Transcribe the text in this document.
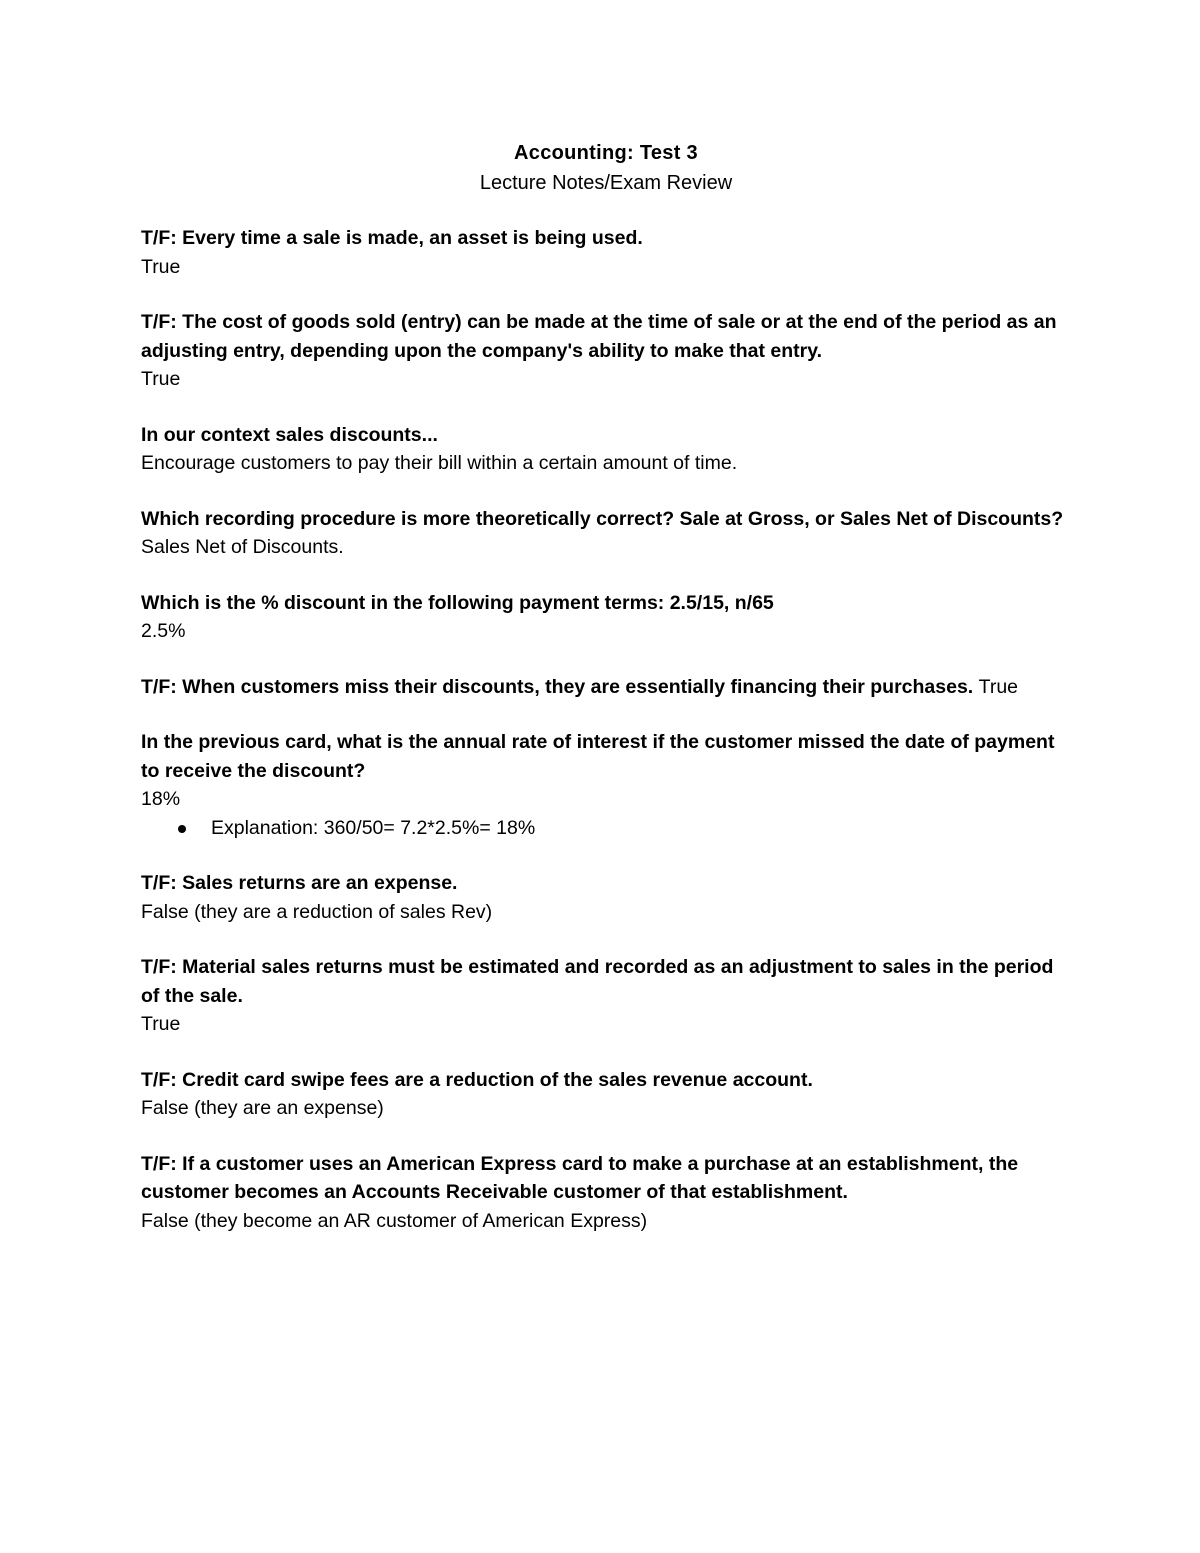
Accounting: Test 3

Lecture Notes/Exam Review

T/F: Every time a sale is made, an asset is being used.

True

T/F: The cost of goods sold (entry) can be made at the time of sale or at the end of the period as an adjusting entry, depending upon the company's ability to make that entry.

True

In our context sales discounts...

Encourage customers to pay their bill within a certain amount of time.

Which recording procedure is more theoretically correct? Sale at Gross, or Sales Net of Discounts?

Sales Net of Discounts.

Which is the % discount in the following payment terms: 2.5/15, n/65

2.5%

T/F: When customers miss their discounts, they are essentially financing their purchases. True

In the previous card, what is the annual rate of interest if the customer missed the date of payment to receive the discount?

18%

Explanation: 360/50= 7.2*2.5%= 18%

T/F: Sales returns are an expense.

False (they are a reduction of sales Rev)

T/F: Material sales returns must be estimated and recorded as an adjustment to sales in the period of the sale.

True

T/F: Credit card swipe fees are a reduction of the sales revenue account.

False (they are an expense)

T/F: If a customer uses an American Express card to make a purchase at an establishment, the customer becomes an Accounts Receivable customer of that establishment.

False (they become an AR customer of American Express)
